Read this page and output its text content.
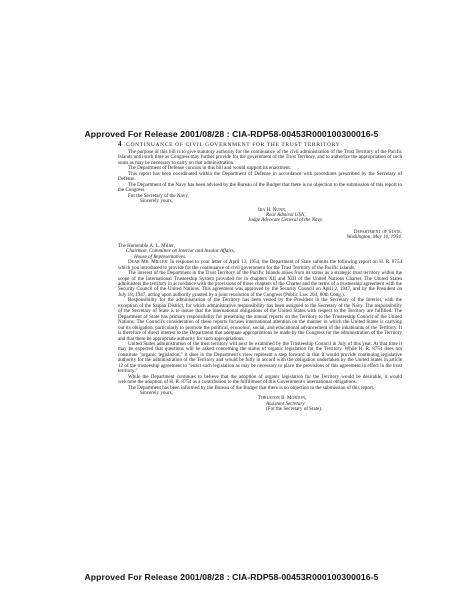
Approved For Release 2001/08/28 : CIA-RDP58-00453R000100300016-5
4 CONTINUANCE OF CIVIL GOVERNMENT FOR THE TRUST TERRITORY

The purpose of this bill is to give statutory authority for the continuance of the civil administration of the Trust Territory of the Pacific Islands until such time as Congress may further provide for the government of the Trust Territory, and to authorize the appropriation of such sums as may be necessary to carry on that administration.

The Department of Defense concurs in this bill and would support its enactment.

This report has been coordinated within the Department of Defense in accordance with procedures prescribed by the Secretary of Defense.

The Department of the Navy has been advised by the Bureau of the Budget that there is no objection to the submission of this report to the Congress.

For the Secretary of the Navy,

Sincerely yours,

Ira H. Nunn,

Rear Admiral USN,

Judge Advocate General of the Navy.

Department of State,

Washington, May 10, 1954.

The Honorable A. L. Miller,

Chairman, Committee on Interior and Insular Affairs,

House of Representatives.

Dear Mr. Miller: In response to your letter of April 13, 1954, the Department of State submits the following report on H. R. 8754 which you introduced to provide for the continuance of civil government for the Trust Territory of the Pacific Islands.

The interest of the Department in the Trust Territory of the Pacific Islands arises from its status as a strategic trust territory within the scope of the International Trusteeship System provided for in chapters XII and XIII of the United Nations Charter. The United States administers the territory in accordance with the provisions of those chapters of the Charter and the terms of a trusteeship agreement with the Security Council of the United Nations. This agreement was approved by the Security Council on April 2, 1947, and by the President on July 18, 1947, acting upon authority granted by a joint resolution of the Congress (Public Law 204, 80th Cong.).

Responsibility for the administration of the Territory has been vested by the President in the Secretary of the Interior, with the exception of the Saipan District, for which administrative responsibility has been assigned to the Secretary of the Navy. The responsibility of the Secretary of State is to insure that the international obligations of the United States with respect to the Territory are fulfilled. The Department of State has primary responsibility for presenting the annual reports on the Territory to the Trusteeship Council of the United Nations. The Council's consideration of these reports focuses international attention on the manner in which the United States is carrying out its obligation, particularly to promote the political, economic, social, and educational advancement of the inhabitants of the Territory. It is therefore of direct interest to the Department that adequate appropriations be made by the Congress for the administration of the Territory and that there be appropriate authority for such appropriations.

United States administration of the trust territory will next be examined by the Trusteeship Council in July of this year. At that time it may be expected that questions will be asked concerning the status of organic legislation for the Territory. While H. R. 8754 does not constitute "organic legislation," it does in the Department's view represent a step forward in that it would provide continuing legislative authority for the administration of the Territory and would be fully in accord with the obligation undertaken by the United States in article 12 of the trusteeship agreement to "enact such legislation as may be necessary to place the provisions of this agreement in effect in the trust territory."

While the Department continues to believe that the adoption of organic legislation for the Territory would be desirable, it would welcome the adoption of H. R. 8754 as a contribution to the fulfillment of this Government's international obligations.

The Department has been informed by the Bureau of the Budget that there is no objection to the submission of this report.

Sincerely yours,

Thruston B. Morton,

Assistant Secretary

(For the Secretary of State).

Approved For Release 2001/08/28 : CIA-RDP58-00453R000100300016-5
